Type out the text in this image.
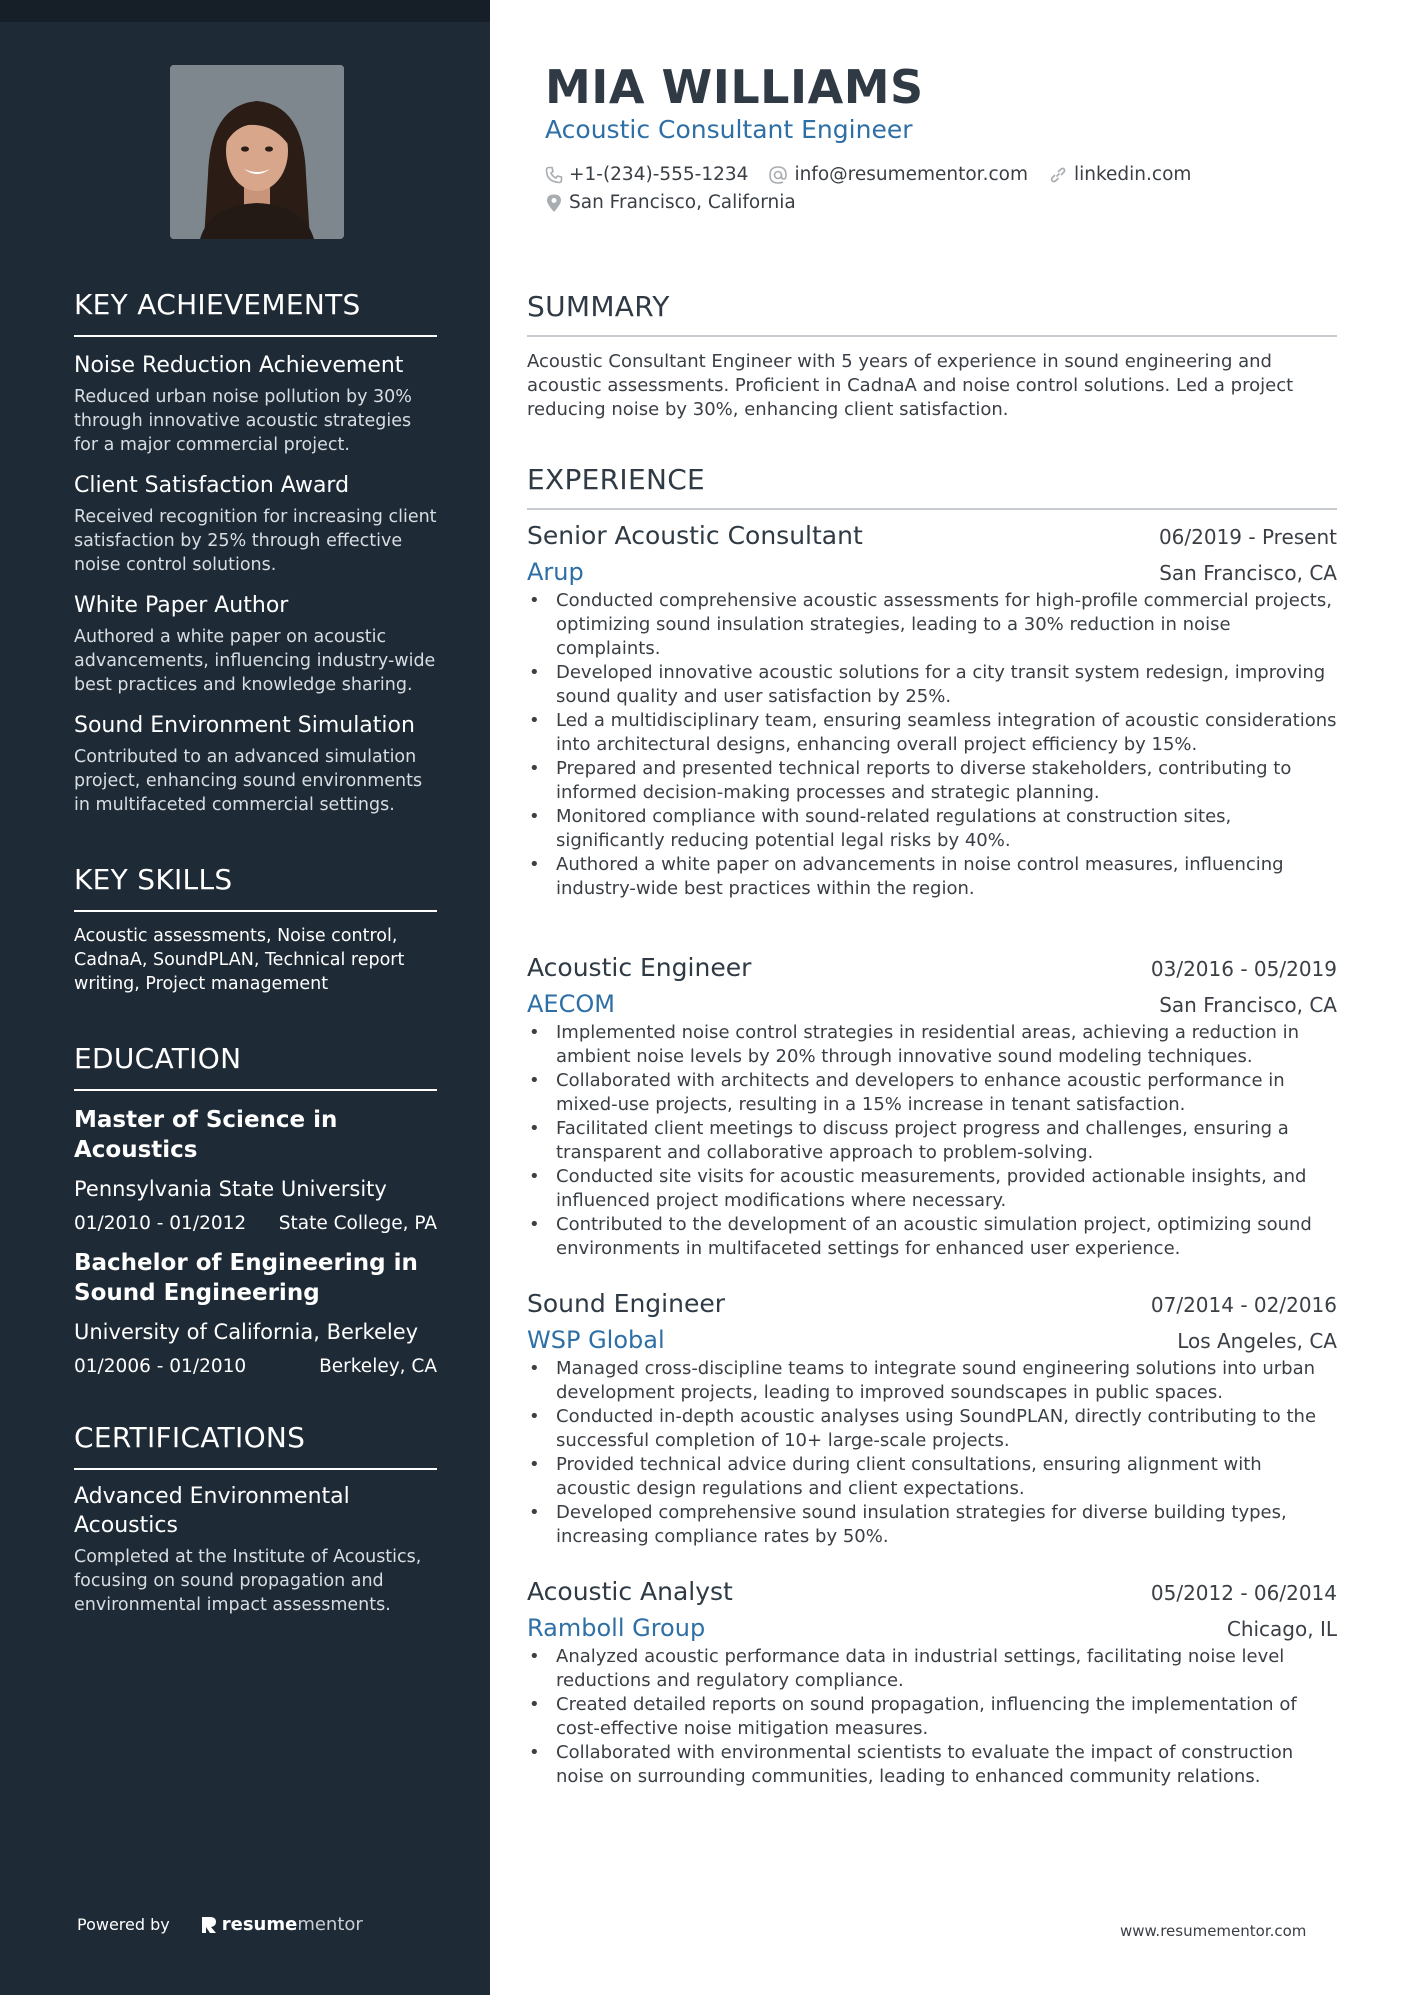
KEY ACHIEVEMENTS
Noise Reduction Achievement
Reduced urban noise pollution by 30% through innovative acoustic strategies for a major commercial project.
Client Satisfaction Award
Received recognition for increasing client satisfaction by 25% through effective noise control solutions.
White Paper Author
Authored a white paper on acoustic advancements, influencing industry-wide best practices and knowledge sharing.
Sound Environment Simulation
Contributed to an advanced simulation project, enhancing sound environments in multifaceted commercial settings.
KEY SKILLS
Acoustic assessments, Noise control, CadnaA, SoundPLAN, Technical report writing, Project management
EDUCATION
Master of Science in Acoustics
Pennsylvania State University
01/2010 - 01/2012 State College, PA
Bachelor of Engineering in Sound Engineering
University of California, Berkeley
01/2006 - 01/2010	Berkeley, CA
CERTIFICATIONS
Advanced Environmental Acoustics
Completed at the Institute of Acoustics, focusing on sound propagation and environmental impact assessments.
Powered by	resume mentor
MIA WILLIAMS
Acoustic Consultant Engineer
+1-(234)-555-1234 info@resumementor.com linkedin.com
San Francisco, California
SUMMARY
Acoustic Consultant Engineer with 5 years of experience in sound engineering and acoustic assessments. Proficient in CadnaA and noise control solutions. Led a project reducing noise by 30%, enhancing client satisfaction.
EXPERIENCE
Senior Acoustic Consultant	06/2019 - Present
Arup	San Francisco, CA
• Conducted comprehensive acoustic assessments for high-profile commercial projects, optimizing sound insulation strategies, leading to a 30% reduction in noise complaints.
• Developed innovative acoustic solutions for a city transit system redesign, improving sound quality and user satisfaction by 25%.
• Led a multidisciplinary team, ensuring seamless integration of acoustic considerations into architectural designs, enhancing overall project efficiency by 15%.
• Prepared and presented technical reports to diverse stakeholders, contributing to informed decision-making processes and strategic planning.
• Monitored compliance with sound-related regulations at construction sites, significantly reducing potential legal risks by 40%.
• Authored a white paper on advancements in noise control measures, influencing industry-wide best practices within the region.
Acoustic Engineer	03/2016 - 05/2019
AECOM	San Francisco, CA
• Implemented noise control strategies in residential areas, achieving a reduction in ambient noise levels by 20% through innovative sound modeling techniques.
• Collaborated with architects and developers to enhance acoustic performance in mixed-use projects, resulting in a 15% increase in tenant satisfaction.
• Facilitated client meetings to discuss project progress and challenges, ensuring a transparent and collaborative approach to problem-solving.
• Conducted site visits for acoustic measurements, provided actionable insights, and influenced project modifications where necessary.
• Contributed to the development of an acoustic simulation project, optimizing sound environments in multifaceted settings for enhanced user experience.
Sound Engineer	07/2014 - 02/2016
WSP Global	Los Angeles, CA
• Managed cross-discipline teams to integrate sound engineering solutions into urban development projects, leading to improved soundscapes in public spaces.
• Conducted in-depth acoustic analyses using SoundPLAN, directly contributing to the successful completion of 10+ large-scale projects.
• Provided technical advice during client consultations, ensuring alignment with acoustic design regulations and client expectations.
• Developed comprehensive sound insulation strategies for diverse building types, increasing compliance rates by 50%.
Acoustic Analyst	05/2012 - 06/2014
Ramboll Group	Chicago, IL
• Analyzed acoustic performance data in industrial settings, facilitating noise level reductions and regulatory compliance.
• Created detailed reports on sound propagation, influencing the implementation of cost-effective noise mitigation measures.
• Collaborated with environmental scientists to evaluate the impact of construction noise on surrounding communities, leading to enhanced community relations.
www.resumementor.com
